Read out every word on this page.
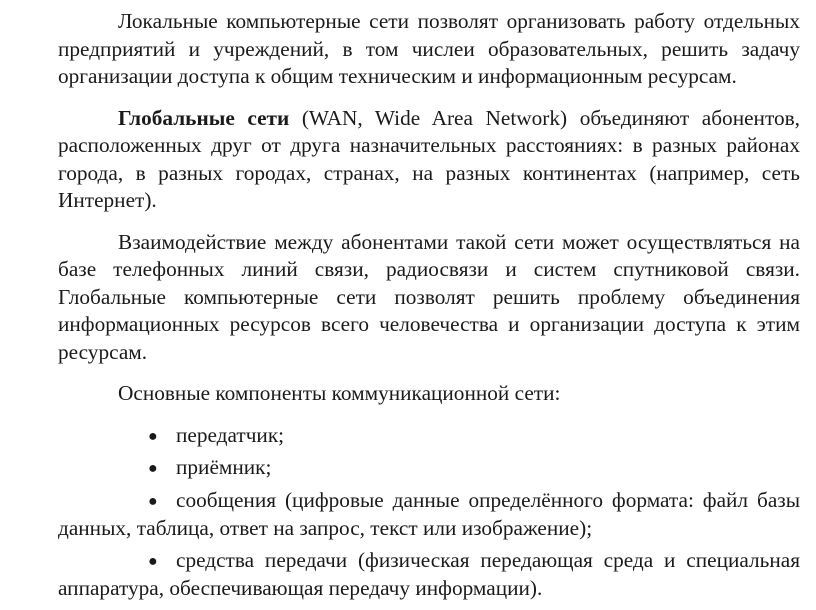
Локальные компьютерные сети позволят организовать работу отдельных предприятий и учреждений, в том числеи образовательных, решить задачу организации доступа к общим техническим и информационным ресурсам.

Глобальные сети (WAN, Wide Area Network) объединяют абонентов, расположенных друг от друга назначительных расстояниях: в разных районах города, в разных городах, странах, на разных континентах (например, сеть Интернет).

Взаимодействие между абонентами такой сети может осуществляться на базе телефонных линий связи, радиосвязи и систем спутниковой связи. Глобальные компьютерные сети позволят решить проблему объединения информационных ресурсов всего человечества и организации доступа к этим ресурсам.

Основные компоненты коммуникационной сети:

● передатчик;
● приёмник;
● сообщения (цифровые данные определённого формата: файл базы данных, таблица, ответ на запрос, текст или изображение);
● средства передачи (физическая передающая среда и специальная аппаратура, обеспечивающая передачу информации).
